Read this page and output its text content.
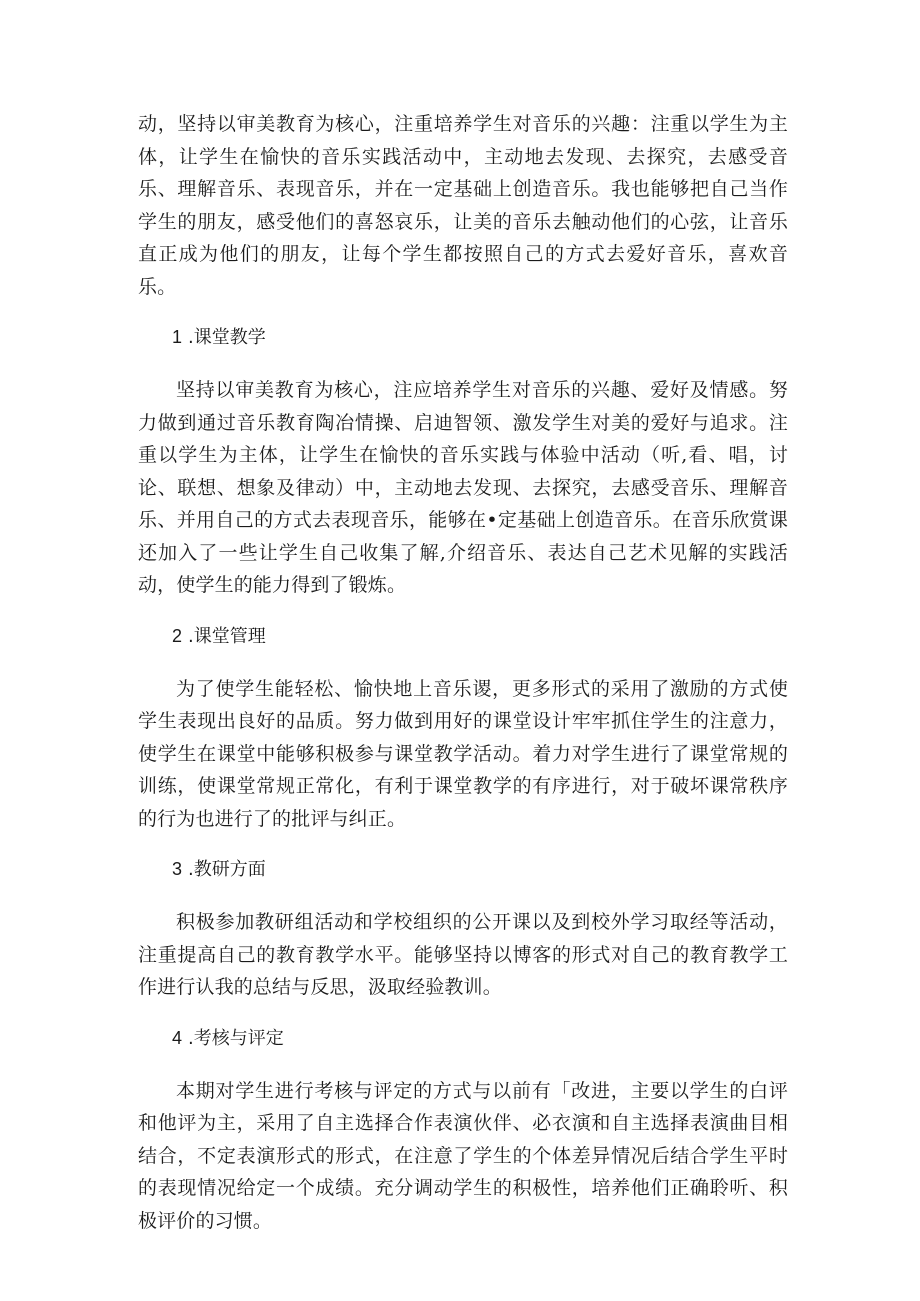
动，坚持以审美教育为核心，注重培养学生对音乐的兴趣：注重以学生为主体，让学生在愉快的音乐实践活动中，主动地去发现、去探究，去感受音乐、理解音乐、表现音乐，并在一定基础上创造音乐。我也能够把自己当作学生的朋友，感受他们的喜怒哀乐，让美的音乐去触动他们的心弦，让音乐直正成为他们的朋友，让每个学生都按照自己的方式去爱好音乐，喜欢音乐。

1 .课堂教学

坚持以审美教育为核心，注应培养学生对音乐的兴趣、爱好及情感。努力做到通过音乐教育陶冶情操、启迪智领、激发学生对美的爱好与追求。注重以学生为主体，让学生在愉快的音乐实践与体验中活动（听,看、唱，讨论、联想、想象及律动）中，主动地去发现、去探究，去感受音乐、理解音乐、并用自己的方式去表现音乐，能够在•定基础上创造音乐。在音乐欣赏课还加入了一些让学生自己收集了解,介绍音乐、表达自己艺术见解的实践活动，使学生的能力得到了锻炼。

2 .课堂管理

为了使学生能轻松、愉快地上音乐谡，更多形式的采用了激励的方式使学生表现出良好的品质。努力做到用好的课堂设计牢牢抓住学生的注意力，使学生在课堂中能够积极参与课堂教学活动。着力对学生进行了课堂常规的训练，使课堂常规正常化，有利于课堂教学的有序进行，对于破坏课常秩序的行为也进行了的批评与纠正。

3 .教研方面

积极参加教研组活动和学校组织的公开课以及到校外学习取经等活动，注重提高自己的教育教学水平。能够坚持以博客的形式对自己的教育教学工作进行认我的总结与反思，汲取经验教训。

4 .考核与评定

本期对学生进行考核与评定的方式与以前有「改进，主要以学生的白评和他评为主，采用了自主选择合作表演伙伴、必衣演和自主选择表演曲目相结合，不定表演形式的形式，在注意了学生的个体差异情况后结合学生平时的表现情况给定一个成绩。充分调动学生的积极性，培养他们正确聆听、积极评价的习惯。
